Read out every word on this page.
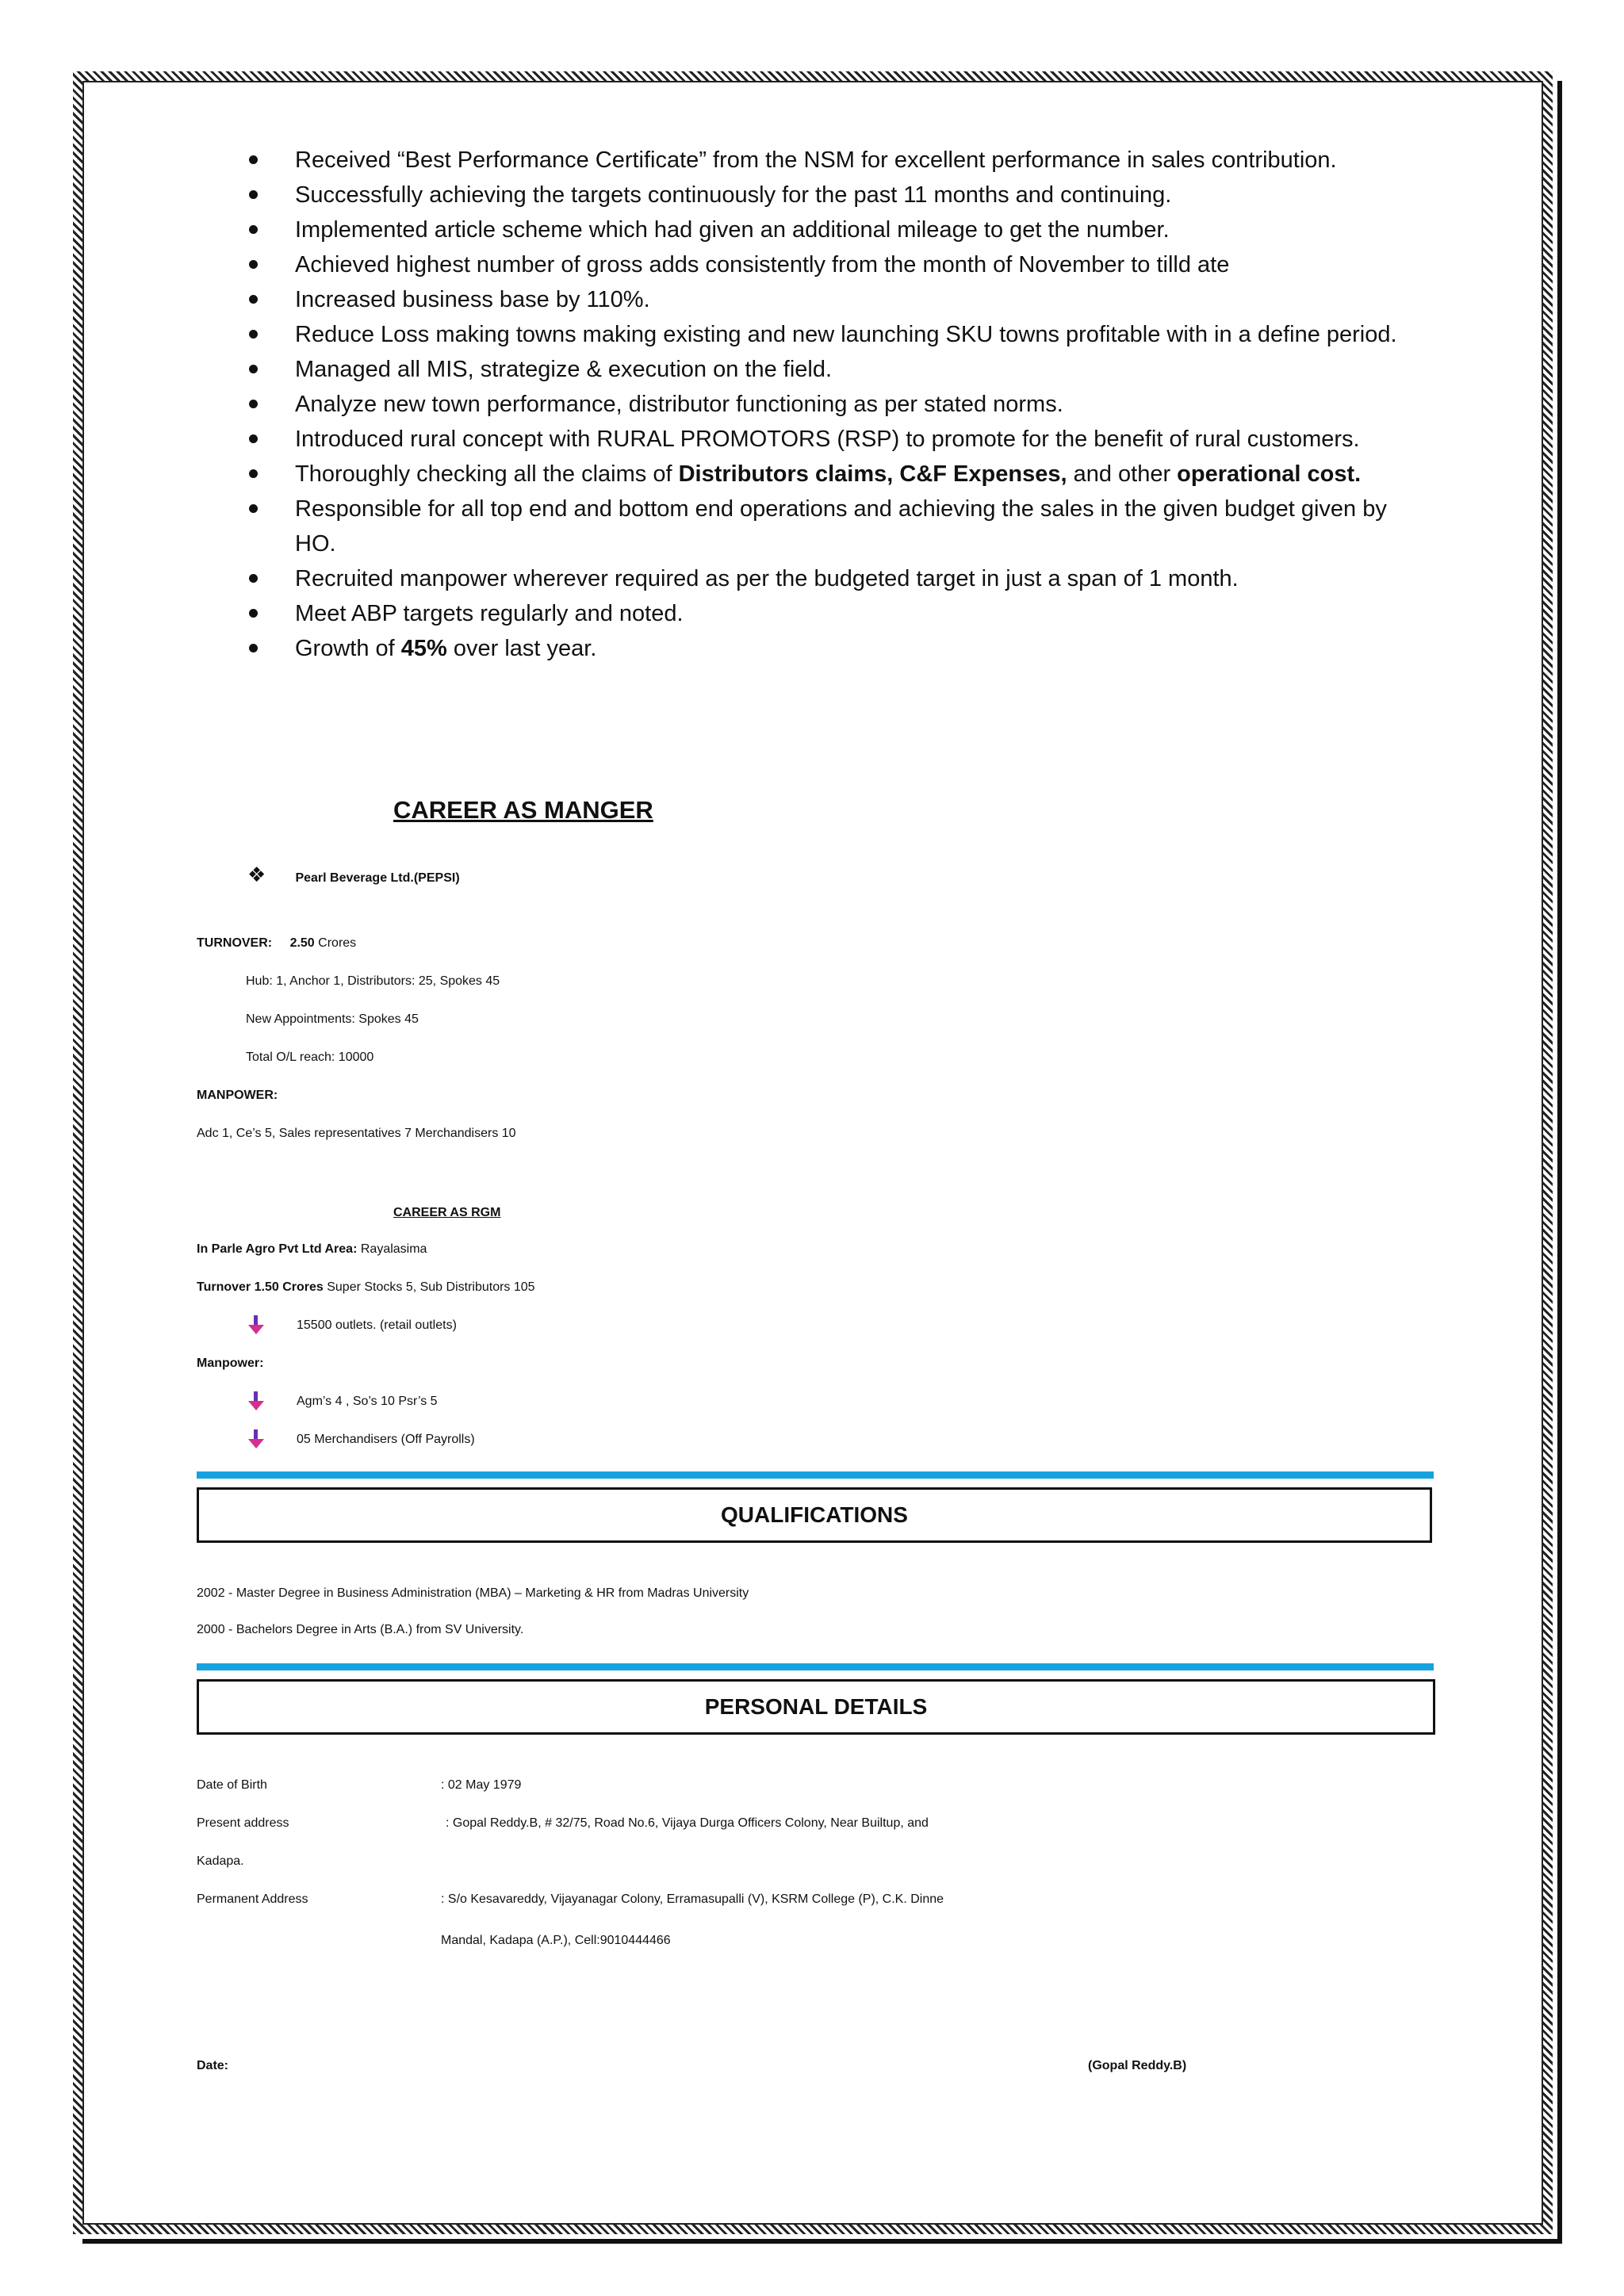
Received “Best Performance Certificate” from the NSM for excellent performance in sales contribution.
Successfully achieving the targets continuously for the past 11 months and continuing.
Implemented article scheme which had given an additional mileage to get the number.
Achieved highest number of gross adds consistently from the month of November to tilld ate
Increased business base by 110%.
Reduce Loss making towns making existing and new launching SKU towns profitable with in a define period.
Managed all MIS, strategize & execution on the field.
Analyze new town performance, distributor functioning as per stated norms.
Introduced rural concept with RURAL PROMOTORS (RSP) to promote for the benefit of rural customers.
Thoroughly checking all the claims of Distributors claims, C&F Expenses, and other operational cost.
Responsible for all top end and bottom end operations and achieving the sales in the given budget given by HO.
Recruited manpower wherever required as per the budgeted target in just a span of 1 month.
Meet ABP targets regularly and noted.
Growth of 45% over last year.
CAREER AS MANGER
❖ Pearl Beverage Ltd.(PEPSI)
TURNOVER: 2.50 Crores
Hub: 1, Anchor 1, Distributors: 25, Spokes 45
New Appointments: Spokes 45
Total O/L reach: 10000
MANPOWER:
Adc 1, Ce’s 5, Sales representatives 7 Merchandisers 10
CAREER AS RGM
In Parle Agro Pvt Ltd Area: Rayalasima
Turnover 1.50 Crores Super Stocks 5, Sub Distributors 105
15500 outlets. (retail outlets)
Manpower:
Agm’s 4 , So’s 10 Psr’s 5
05 Merchandisers (Off Payrolls)
QUALIFICATIONS
2002 - Master Degree in Business Administration (MBA) – Marketing & HR from Madras University
2000 - Bachelors Degree in Arts (B.A.) from SV University.
PERSONAL DETAILS
Date of Birth	: 02 May 1979
Present address	: Gopal Reddy.B, # 32/75, Road No.6, Vijaya Durga Officers Colony, Near Builtup, and
Kadapa.
Permanent Address	: S/o Kesavareddy, Vijayanagar Colony, Erramasupalli (V), KSRM College (P), C.K. Dinne
Mandal, Kadapa (A.P.), Cell:9010444466
Date:	(Gopal Reddy.B)
